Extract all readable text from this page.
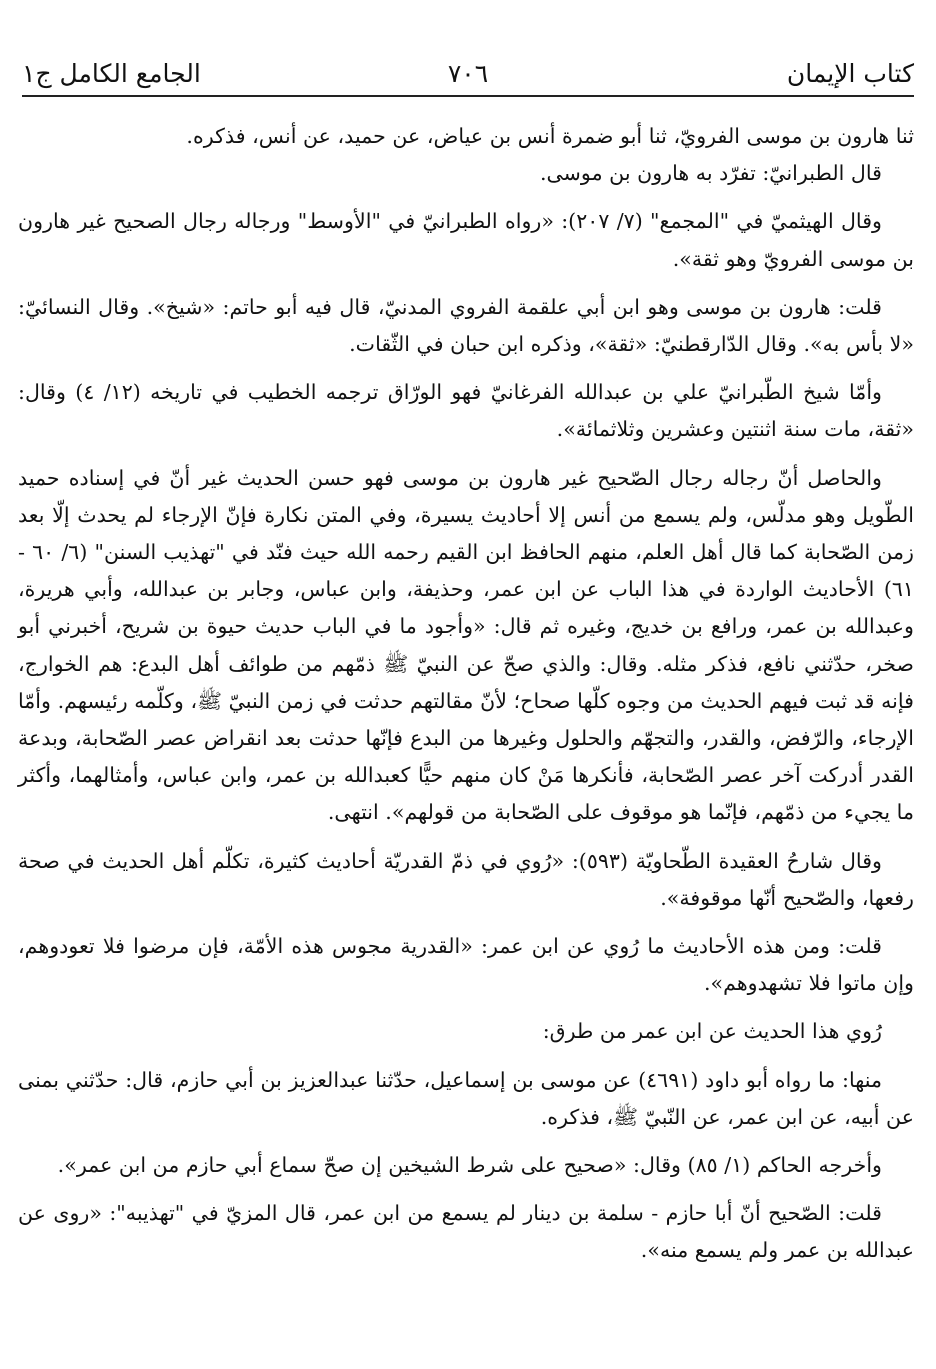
كتاب الإيمان
٧٠٦
الجامع الكامل ج١

ثنا هارون بن موسى الفرويّ، ثنا أبو ضمرة أنس بن عياض، عن حميد، عن أنس، فذكره.

قال الطبرانيّ: تفرّد به هارون بن موسى.

وقال الهيثميّ في "المجمع" (٧/ ٢٠٧): «رواه الطبرانيّ في "الأوسط" ورجاله رجال الصحيح غير هارون بن موسى الفرويّ وهو ثقة».

قلت: هارون بن موسى وهو ابن أبي علقمة الفروي المدنيّ، قال فيه أبو حاتم: «شيخ». وقال النسائيّ: «لا بأس به». وقال الدّارقطنيّ: «ثقة»، وذكره ابن حبان في الثّقات.

وأمّا شيخ الطّبرانيّ علي بن عبدالله الفرغانيّ فهو الورّاق ترجمه الخطيب في تاريخه (١٢/ ٤) وقال: «ثقة، مات سنة اثنتين وعشرين وثلاثمائة».

والحاصل أنّ رجاله رجال الصّحيح غير هارون بن موسى فهو حسن الحديث غير أنّ في إسناده حميد الطّويل وهو مدلّس، ولم يسمع من أنس إلا أحاديث يسيرة، وفي المتن نكارة فإنّ الإرجاء لم يحدث إلّا بعد زمن الصّحابة كما قال أهل العلم، منهم الحافظ ابن القيم رحمه الله حيث فنّد في "تهذيب السنن" (٦/ ٦٠ - ٦١) الأحاديث الواردة في هذا الباب عن ابن عمر، وحذيفة، وابن عباس، وجابر بن عبدالله، وأبي هريرة، وعبدالله بن عمر، ورافع بن خديج، وغيره ثم قال: «وأجود ما في الباب حديث حيوة بن شريح، أخبرني أبو صخر، حدّثني نافع، فذكر مثله. وقال: والذي صحّ عن النبيّ ﷺ ذمّهم من طوائف أهل البدع: هم الخوارج، فإنه قد ثبت فيهم الحديث من وجوه كلّها صحاح؛ لأنّ مقالتهم حدثت في زمن النبيّ ﷺ، وكلّمه رئيسهم. وأمّا الإرجاء، والرّفض، والقدر، والتجهّم والحلول وغيرها من البدع فإنّها حدثت بعد انقراض عصر الصّحابة، وبدعة القدر أدركت آخر عصر الصّحابة، فأنكرها مَنْ كان منهم حيًّا كعبدالله بن عمر، وابن عباس، وأمثالهما، وأكثر ما يجيء من ذمّهم، فإنّما هو موقوف على الصّحابة من قولهم». انتهى.

وقال شارحُ العقيدة الطّحاويّة (٥٩٣): «رُوي في ذمّ القدريّة أحاديث كثيرة، تكلّم أهل الحديث في صحة رفعها، والصّحيح أنّها موقوفة».

قلت: ومن هذه الأحاديث ما رُوي عن ابن عمر: «القدرية مجوس هذه الأمّة، فإن مرضوا فلا تعودوهم، وإن ماتوا فلا تشهدوهم».

رُوي هذا الحديث عن ابن عمر من طرق:

منها: ما رواه أبو داود (٤٦٩١) عن موسى بن إسماعيل، حدّثنا عبدالعزيز بن أبي حازم، قال: حدّثني بمنى عن أبيه، عن ابن عمر، عن النّبيّ ﷺ، فذكره.

وأخرجه الحاكم (١/ ٨٥) وقال: «صحيح على شرط الشيخين إن صحّ سماع أبي حازم من ابن عمر».

قلت: الصّحيح أنّ أبا حازم - سلمة بن دينار لم يسمع من ابن عمر، قال المزيّ في "تهذيبه": «روى عن عبدالله بن عمر ولم يسمع منه».
